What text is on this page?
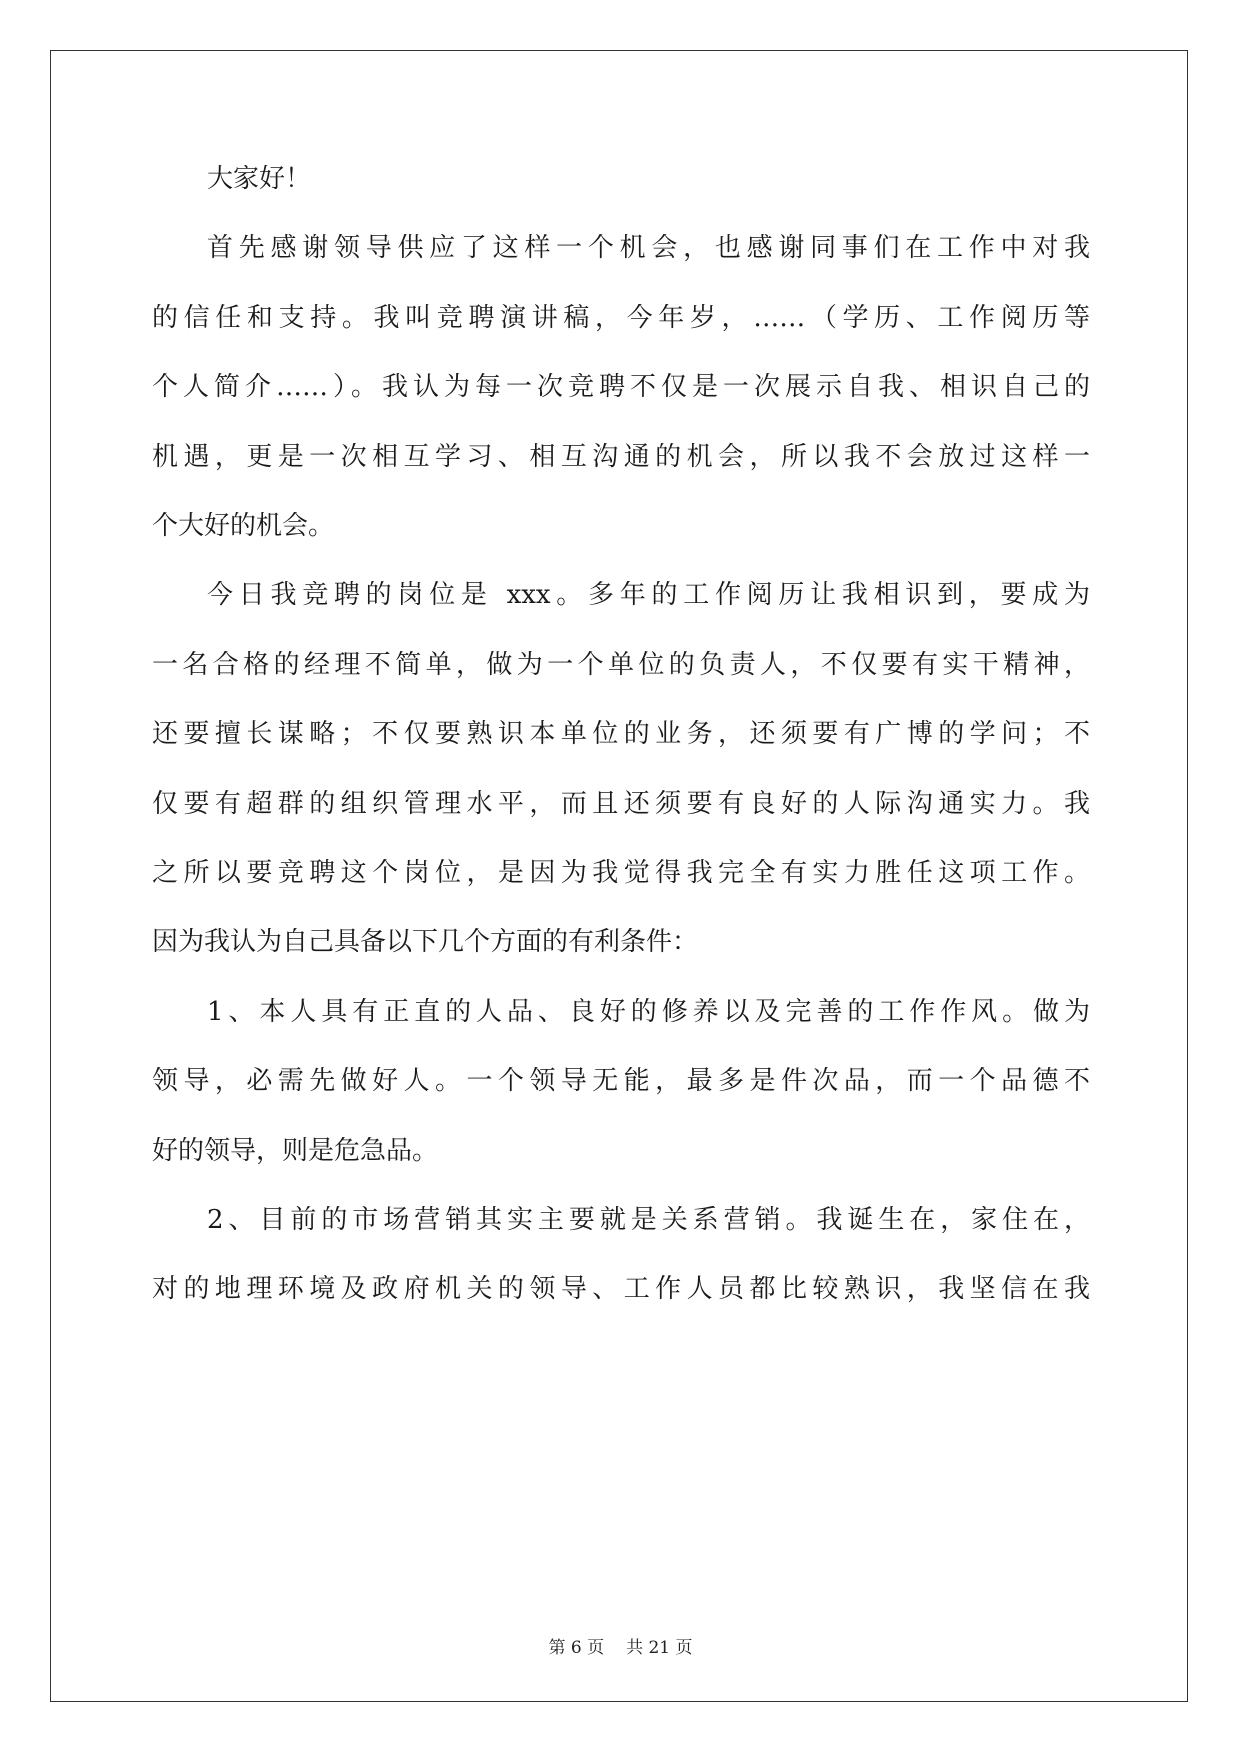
大家好！
首先感谢领导供应了这样一个机会，也感谢同事们在工作中对我
的信任和支持。我叫竞聘演讲稿，今年岁，……（学历、工作阅历等
个人简介……）。我认为每一次竞聘不仅是一次展示自我、相识自己的
机遇，更是一次相互学习、相互沟通的机会，所以我不会放过这样一
个大好的机会。
今日我竞聘的岗位是 xxx。多年的工作阅历让我相识到，要成为
一名合格的经理不简单，做为一个单位的负责人，不仅要有实干精神，
还要擅长谋略；不仅要熟识本单位的业务，还须要有广博的学问；不
仅要有超群的组织管理水平，而且还须要有良好的人际沟通实力。我
之所以要竞聘这个岗位，是因为我觉得我完全有实力胜任这项工作。
因为我认为自己具备以下几个方面的有利条件：
1、本人具有正直的人品、良好的修养以及完善的工作作风。做为
领导，必需先做好人。一个领导无能，最多是件次品，而一个品德不
好的领导，则是危急品。
2、目前的市场营销其实主要就是关系营销。我诞生在，家住在，
对的地理环境及政府机关的领导、工作人员都比较熟识，我坚信在我
第 6 页 共 21 页
